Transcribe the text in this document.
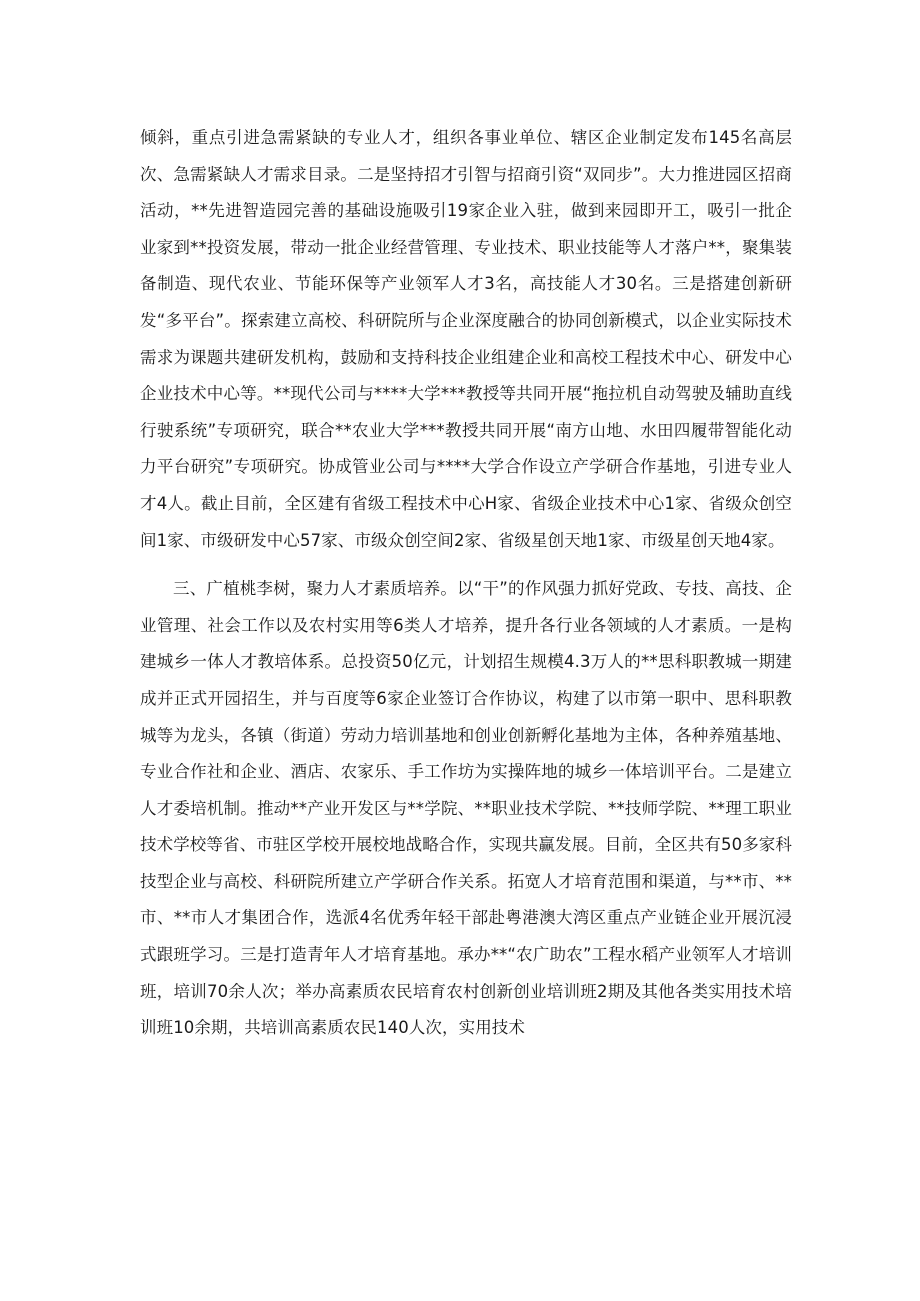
倾斜，重点引进急需紧缺的专业人才，组织各事业单位、辖区企业制定发布145名高层次、急需紧缺人才需求目录。二是坚持招才引智与招商引资“双同步”。大力推进园区招商活动，**先进智造园完善的基础设施吸引19家企业入驻，做到来园即开工，吸引一批企业家到**投资发展，带动一批企业经营管理、专业技术、职业技能等人才落户**，聚集装备制造、现代农业、节能环保等产业领军人才3名，高技能人才30名。三是搭建创新研发“多平台”。探索建立高校、科研院所与企业深度融合的协同创新模式，以企业实际技术需求为课题共建研发机构，鼓励和支持科技企业组建企业和高校工程技术中心、研发中心企业技术中心等。**现代公司与****大学***教授等共同开展“拖拉机自动驾驶及辅助直线行驶系统”专项研究，联合**农业大学***教授共同开展“南方山地、水田四履带智能化动力平台研究”专项研究。协成管业公司与****大学合作设立产学研合作基地，引进专业人才4人。截止目前，全区建有省级工程技术中心H家、省级企业技术中心1家、省级众创空间1家、市级研发中心57家、市级众创空间2家、省级星创天地1家、市级星创天地4家。

三、广植桃李树，聚力人才素质培养。以“干”的作风强力抓好党政、专技、高技、企业管理、社会工作以及农村实用等6类人才培养，提升各行业各领域的人才素质。一是构建城乡一体人才教培体系。总投资50亿元，计划招生规模4.3万人的**思科职教城一期建成并正式开园招生，并与百度等6家企业签订合作协议，构建了以市第一职中、思科职教城等为龙头，各镇（街道）劳动力培训基地和创业创新孵化基地为主体，各种养殖基地、专业合作社和企业、酒店、农家乐、手工作坊为实操阵地的城乡一体培训平台。二是建立人才委培机制。推动**产业开发区与**学院、**职业技术学院、**技师学院、**理工职业技术学校等省、市驻区学校开展校地战略合作，实现共赢发展。目前，全区共有50多家科技型企业与高校、科研院所建立产学研合作关系。拓宽人才培育范围和渠道，与**市、**市、**市人才集团合作，选派4名优秀年轻干部赴粤港澳大湾区重点产业链企业开展沉浸式跟班学习。三是打造青年人才培育基地。承办**“农广助农”工程水稻产业领军人才培训班，培训70余人次；举办高素质农民培育农村创新创业培训班2期及其他各类实用技术培训班10余期，共培训高素质农民140人次，实用技术
